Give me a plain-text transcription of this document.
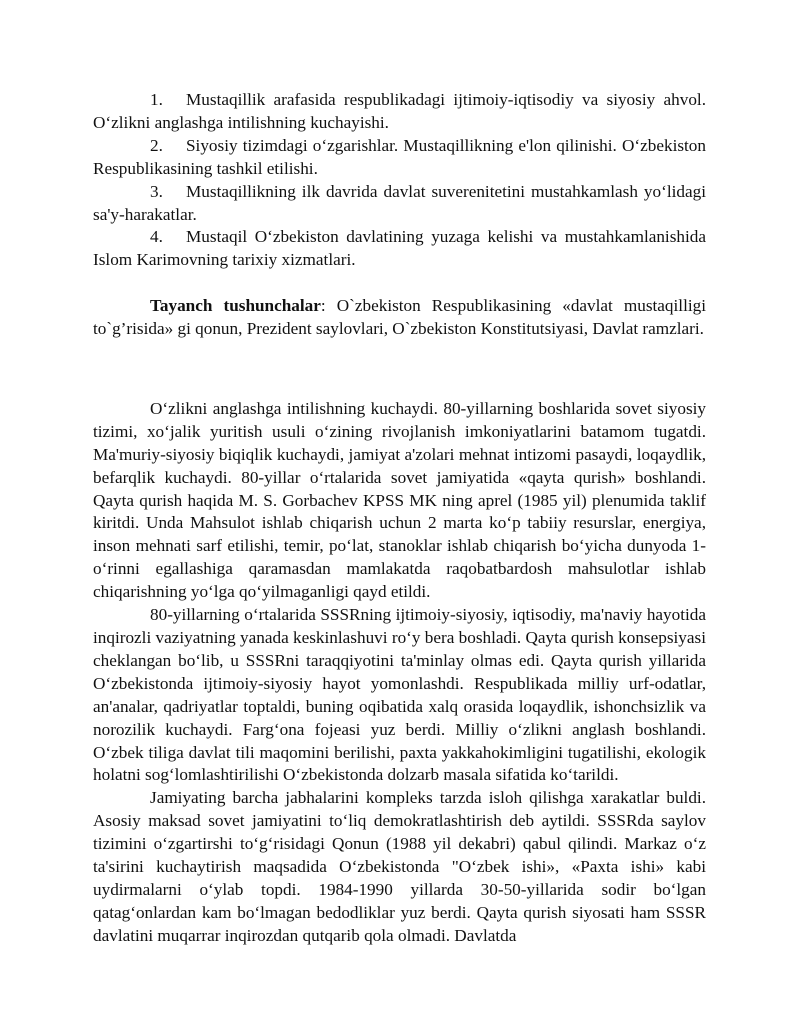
1. Mustaqillik arafasida respublikadagi ijtimoiy-iqtisodiy va siyosiy ahvol. O‘zlikni anglashga intilishning kuchayishi.

2. Siyosiy tizimdagi o‘zgarishlar. Mustaqillikning e'lon qilinishi. O‘zbekiston Respublikasining tashkil etilishi.

3. Mustaqillikning ilk davrida davlat suverenitetini mustahkamlash yo‘lidagi sa'y-harakatlar.

4. Mustaqil O‘zbekiston davlatining yuzaga kelishi va mustahkamlanishida Islom Karimovning tarixiy xizmatlari.

Tayanch tushunchalar: O`zbekiston Respublikasining «davlat mustaqilligi to`g’risida» gi qonun, Prezident saylovlari, O`zbekiston Konstitutsiyasi, Davlat ramzlari.

O‘zlikni anglashga intilishning kuchaydi. 80-yillarning boshlarida sovet siyosiy tizimi, xo‘jalik yuritish usuli o‘zining rivojlanish imkoniyatlarini batamom tugatdi. Ma'muriy-siyosiy biqiqlik kuchaydi, jamiyat a'zolari mehnat intizomi pasaydi, loqaydlik, befarqlik kuchaydi. 80-yillar o‘rtalarida sovet jamiyatida «qayta qurish» boshlandi. Qayta qurish haqida M. S. Gorbachev KPSS MK ning aprel (1985 yil) plenumida taklif kiritdi. Unda Mahsulot ishlab chiqarish uchun 2 marta ko‘p tabiiy resurslar, energiya, inson mehnati sarf etilishi, temir, po‘lat, stanoklar ishlab chiqarish bo‘yicha dunyoda 1-o‘rinni egallashiga qaramasdan mamlakatda raqobatbardosh mahsulotlar ishlab chiqarishning yo‘lga qo‘yilmaganligi qayd etildi.

80-yillarning o‘rtalarida SSSRning ijtimoiy-siyosiy, iqtisodiy, ma'naviy hayotida inqirozli vaziyatning yanada keskinlashuvi ro‘y bera boshladi. Qayta qurish konsepsiyasi cheklangan bo‘lib, u SSSRni taraqqiyotini ta'minlay olmas edi. Qayta qurish yillarida O‘zbekistonda ijtimoiy-siyosiy hayot yomonlashdi. Respublikada milliy urf-odatlar, an'analar, qadriyatlar toptaldi, buning oqibatida xalq orasida loqaydlik, ishonchsizlik va norozilik kuchaydi. Farg‘ona fojeasi yuz berdi. Milliy o‘zlikni anglash boshlandi. O‘zbek tiliga davlat tili maqomini berilishi, paxta yakkahokimligini tugatilishi, ekologik holatni sog‘lomlashtirilishi O‘zbekistonda dolzarb masala sifatida ko‘tarildi.

Jamiyating barcha jabhalarini kompleks tarzda isloh qilishga xarakatlar buldi. Asosiy maksad sovet jamiyatini to‘liq demokratlashtirish deb aytildi. SSSRda saylov tizimini o‘zgartirshi to‘g‘risidagi Qonun (1988 yil dekabri) qabul qilindi. Markaz o‘z ta'sirini kuchaytirish maqsadida O‘zbekistonda "O‘zbek ishi», «Paxta ishi» kabi uydirmalarni o‘ylab topdi. 1984-1990 yillarda 30-50-yillarida sodir bo‘lgan qatag‘onlardan kam bo‘lmagan bedodliklar yuz berdi. Qayta qurish siyosati ham SSSR davlatini muqarrar inqirozdan qutqarib qola olmadi. Davlatda
